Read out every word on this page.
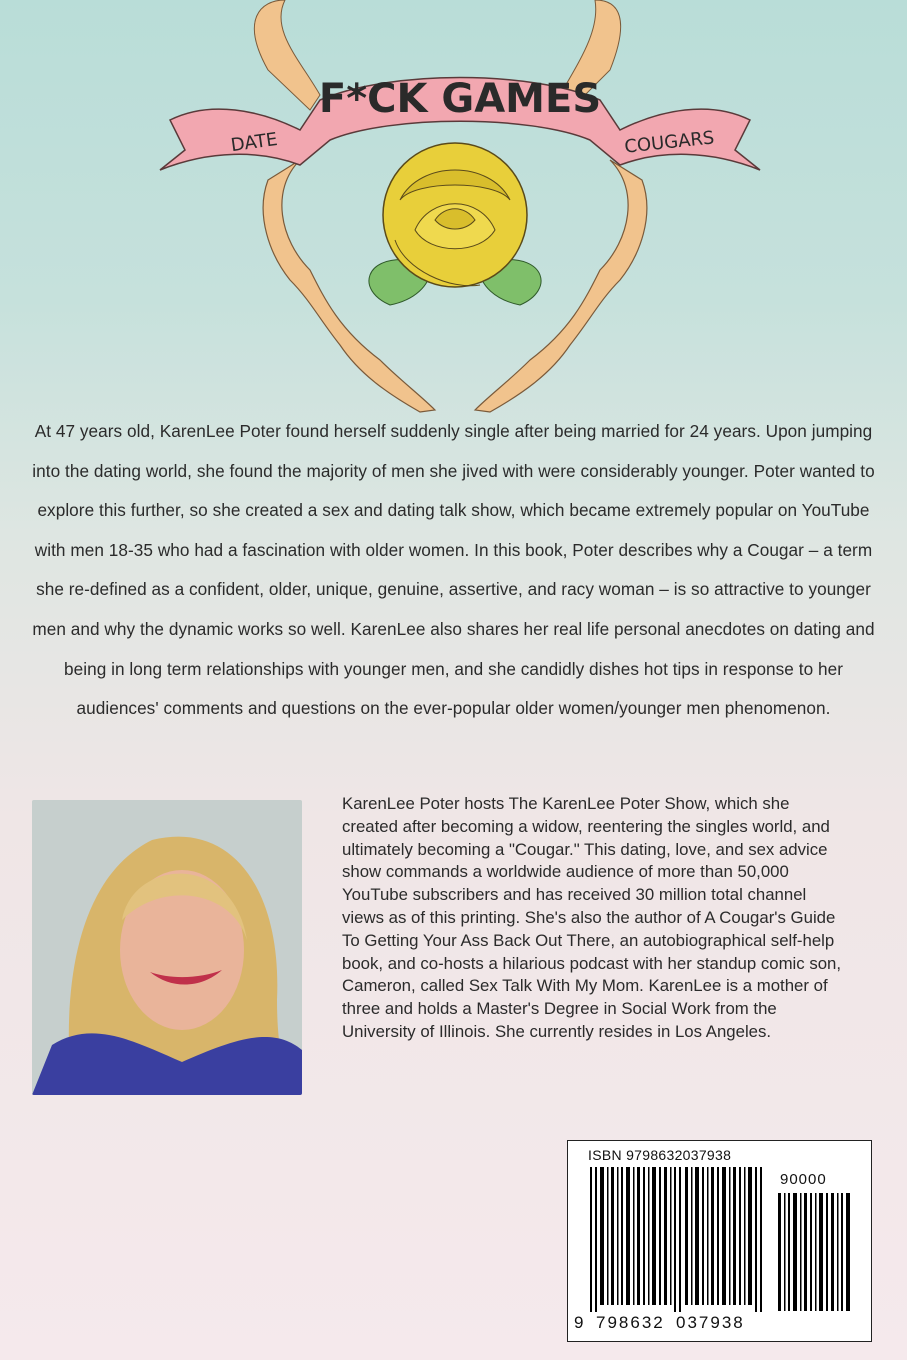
F*CK GAMES
DATE	COUGARS
At 47 years old, KarenLee Poter found herself suddenly single after being married for 24 years. Upon jumping into the dating world, she found the majority of men she jived with were considerably younger. Poter wanted to explore this further, so she created a sex and dating talk show, which became extremely popular on YouTube with men 18-35 who had a fascination with older women. In this book, Poter describes why a Cougar – a term she re-defined as a confident, older, unique, genuine, assertive, and racy woman – is so attractive to younger men and why the dynamic works so well. KarenLee also shares her real life personal anecdotes on dating and being in long term relationships with younger men, and she candidly dishes hot tips in response to her audiences' comments and questions on the ever-popular older women/younger men phenomenon.
KarenLee Poter hosts The KarenLee Poter Show, which she created after becoming a widow, reentering the singles world, and ultimately becoming a "Cougar." This dating, love, and sex advice show commands a worldwide audience of more than 50,000 YouTube subscribers and has received 30 million total channel views as of this printing. She's also the author of A Cougar's Guide To Getting Your Ass Back Out There, an autobiographical self-help book, and co-hosts a hilarious podcast with her standup comic son, Cameron, called Sex Talk With My Mom. KarenLee is a mother of three and holds a Master's Degree in Social Work from the University of Illinois. She currently resides in Los Angeles.
ISBN 9798632037938
90000
9 798632 037938
